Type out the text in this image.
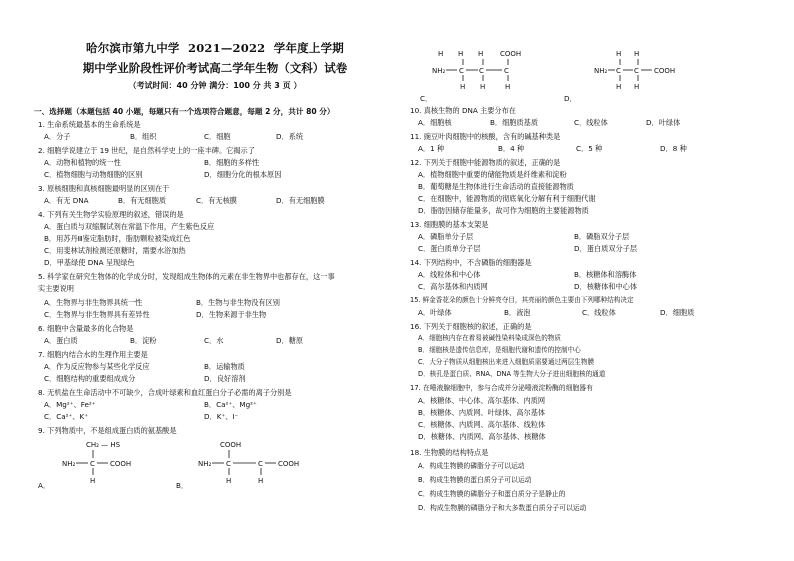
哈尔滨市第九中学 2021—2022 学年度上学期
期中学业阶段性评价考试高二学年生物（文科）试卷
（考试时间：40 分钟 满分：100 分 共 3 页 ）
一、选择题（本题包括 40 小题，每题只有一个选项符合题意，每题 2 分，共计 80 分）
1. 生命系统最基本的生命系统是
A．分子	B．组织	C．细胞	D．系统
2. 细胞学说建立于 19 世纪，是自然科学史上的一座丰碑。它揭示了
A．动物和植物的统一性	B．细胞的多样性
C．植物细胞与动物细胞的区别	D．细胞分化的根本原因
3. 原核细胞和真核细胞最明显的区别在于
A．有无 DNA	B．有无细胞质	C．有无核膜	D．有无细胞膜
4. 下列有关生物学实验原理的叙述，错误的是
A．蛋白质与双缩脲试剂在常温下作用，产生紫色反应
B．用苏丹Ⅲ鉴定脂肪时，脂肪颗粒被染成红色
C．用斐林试剂检测还原糖时，需要水浴加热
D．甲基绿使 DNA 呈现绿色
5. 科学家在研究生物体的化学成分时，发现组成生物体的元素在非生物界中也都存在，这一事
实主要说明
A．生物界与非生物界具统一性	B．生物与非生物没有区别
C．生物界与非生物界具有差异性	D．生物来源于非生物
6. 细胞中含量最多的化合物是
A．蛋白质	B．淀粉	C．水	D．糖原
7. 细胞内结合水的生理作用主要是
A．作为反应物参与某些化学反应	B．运输物质
C．细胞结构的重要组成成分	D．良好溶剂
8. 无机盐在生命活动中不可缺少，合成叶绿素和血红蛋白分子必需的离子分别是
A．Mg²⁺、Fe²⁺	B．Ca²⁺、Mg²⁺
C．Ca²⁺、K⁺	D．K⁺、I⁻
9. 下列物质中，不是组成蛋白质的氨基酸是
CH₂ — HS
NH₂ C COOH
H
A．
COOH
NH₂ C	C COOH
H	H
B．
H H H COOH
NH₂ C C	C
H H	H
C．
H H
NH₂ C C COOH
H H
D．
10. 真核生物的 DNA 主要分布在
A．细胞核	B．细胞质基质	C．线粒体	D．叶绿体
11. 豌豆叶肉细胞中的核酸，含有的碱基种类是
A．1 种	B．4 种	C．5 种	D．8 种
12. 下列关于细胞中能源物质的叙述，正确的是
A．植物细胞中重要的储能物质是纤维素和淀粉
B．葡萄糖是生物体进行生命活动的直接能源物质
C．在细胞中，能源物质的彻底氧化分解有利于细胞代谢
D．脂肪因储存能量多，故可作为细胞的主要能源物质
13. 细胞膜的基本支架是
A．磷脂单分子层	B．磷脂双分子层
C．蛋白质单分子层	D．蛋白质双分子层
14. 下列结构中，不含磷脂的细胞器是
A．线粒体和中心体	B．核糖体和溶酶体
C．高尔基体和内质网	D．核糖体和中心体
15. 鲜金香花朵的颜色十分鲜亮夺目，其亮丽的颜色主要由下列哪种结构决定
A．叶绿体	B．液泡	C．线粒体	D．细胞质
16. 下列关于细胞核的叙述，正确的是
A．细胞核内存在着易被碱性染料染成深色的物质
B．细胞核是遗传信息库，是细胞代谢和遗传的控制中心
C．大分子物质从细胞核出来进入细胞质需要通过两层生物膜
D．核孔是蛋白质、RNA、DNA 等生物大分子进出细胞核的通道
17. 在唾液腺细胞中，参与合成并分泌唾液淀粉酶的细胞器有
A．核糖体、中心体、高尔基体、内质网
B．核糖体、内质网、叶绿体、高尔基体
C．核糖体、内质网、高尔基体、线粒体
D．核糖体、内质网、高尔基体、核糖体
18. 生物膜的结构特点是
A．构成生物膜的磷脂分子可以运动
B．构成生物膜的蛋白质分子可以运动
C．构成生物膜的磷脂分子和蛋白质分子是静止的
D．构成生物膜的磷脂分子和大多数蛋白质分子可以运动
